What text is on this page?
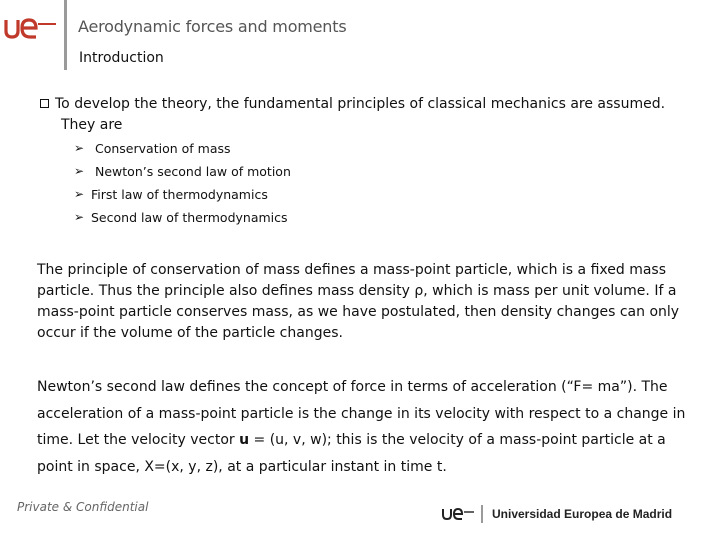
Aerodynamic forces and moments
Introduction
To develop the theory, the fundamental principles of classical mechanics are assumed.
They are
➢ Conservation of mass
➢ Newton’s second law of motion
➢ First law of thermodynamics
➢ Second law of thermodynamics
The principle of conservation of mass defines a mass-point particle, which is a fixed mass particle. Thus the principle also defines mass density ρ, which is mass per unit volume. If a mass-point particle conserves mass, as we have postulated, then density changes can only occur if the volume of the particle changes.
Newton’s second law defines the concept of force in terms of acceleration (“F= ma”). The acceleration of a mass-point particle is the change in its velocity with respect to a change in time. Let the velocity vector u = (u, v, w); this is the velocity of a mass-point particle at a point in space, X=(x, y, z), at a particular instant in time t.
Private & Confidential	Universidad Europea de Madrid
